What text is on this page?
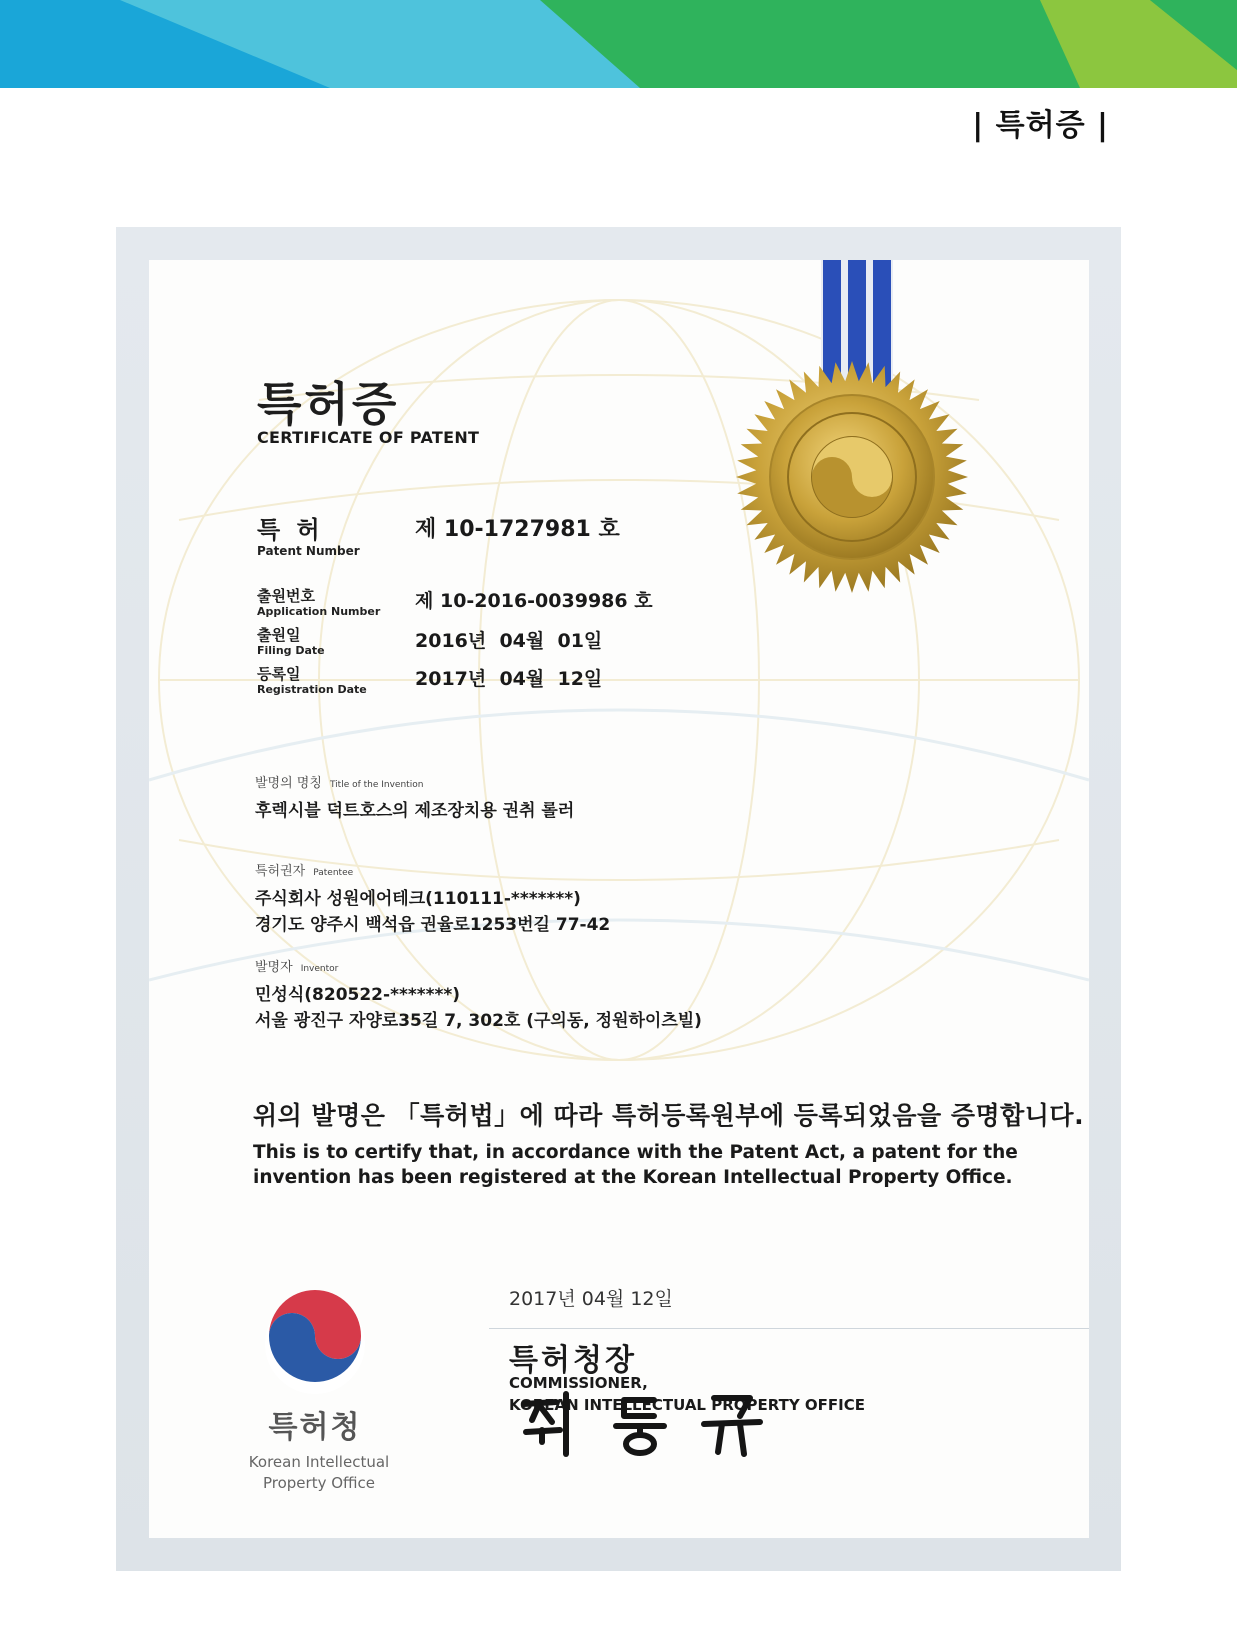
| 특허증 |
특허증
CERTIFICATE OF PATENT
특 허
Patent Number
제 10-1727981 호
출원번호
Application Number 제 10-2016-0039986 호
출원일
Filing Date	2016년  04월  01일
등록일
Registration Date	2017년  04월  12일
발명의 명칭 Title of the Invention
후렉시블 덕트호스의 제조장치용 권취 롤러
특허권자 Patentee
주식회사 성원에어테크(110111-*******)
경기도 양주시 백석읍 권율로1253번길 77-42
발명자 Inventor
민성식(820522-*******)
서울 광진구 자양로35길 7, 302호 (구의동, 정원하이츠빌)
위의 발명은 「특허법」에 따라 특허등록원부에 등록되었음을 증명합니다.
This is to certify that, in accordance with the Patent Act, a patent for the invention has been registered at the Korean Intellectual Property Office.
특허청
Korean Intellectual
Property Office
2017년 04월 12일
특허청장
COMMISSIONER,
KOREAN INTELLECTUAL PROPERTY OFFICE
